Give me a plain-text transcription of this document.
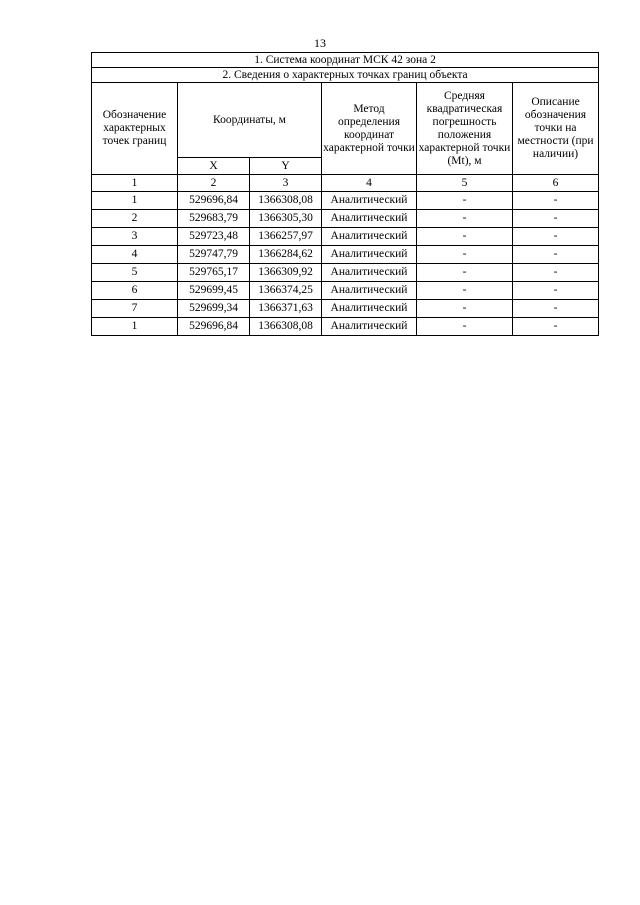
13
1. Система координат МСК 42 зона 2					
2. Сведения о характерных точках границ объекта					
Обозначение характерных точек границ	Координаты, м		Метод определения координат характерной точки	Средняя квадратическая погрешность положения характерной точки (Mt), м	Описание обозначения точки на местности (при наличии)
	X	Y			
1	2	3	4	5	6
1	529696,84	1366308,08	Аналитический	-	-
2	529683,79	1366305,30	Аналитический	-	-
3	529723,48	1366257,97	Аналитический	-	-
4	529747,79	1366284,62	Аналитический	-	-
5	529765,17	1366309,92	Аналитический	-	-
6	529699,45	1366374,25	Аналитический	-	-
7	529699,34	1366371,63	Аналитический	-	-
1	529696,84	1366308,08	Аналитический	-	-
